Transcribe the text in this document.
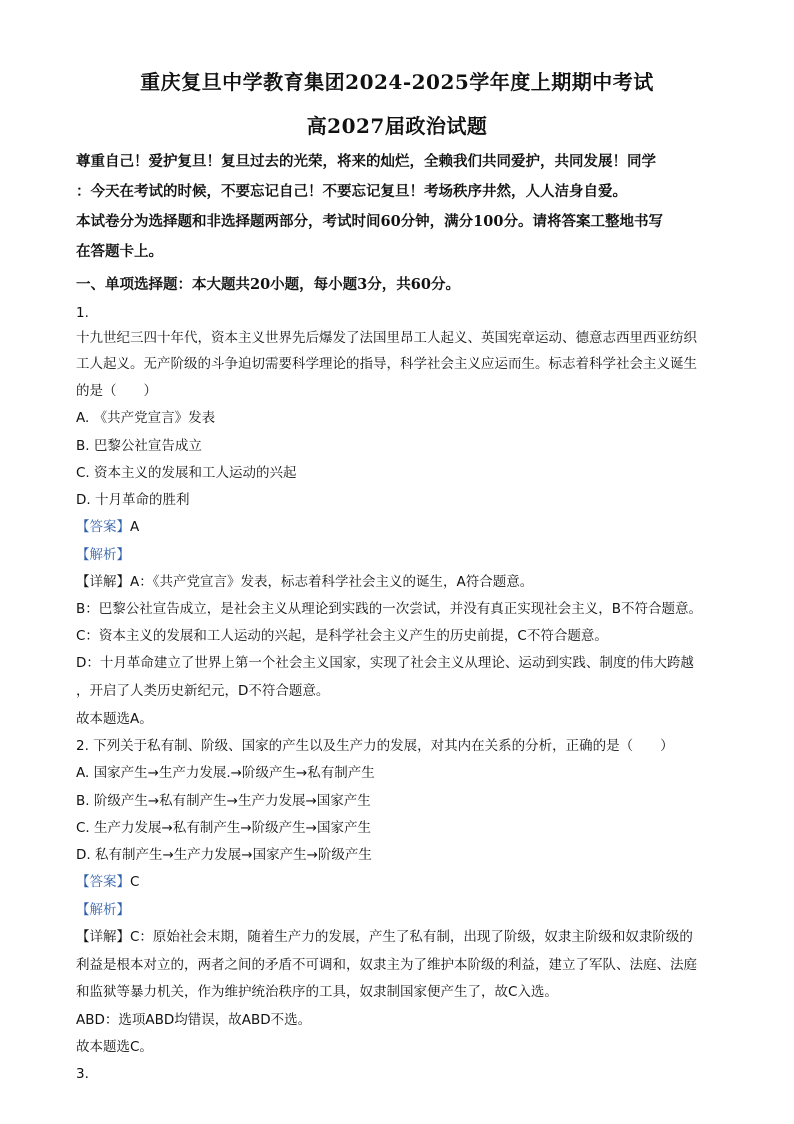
重庆复旦中学教育集团2024-2025学年度上期期中考试
高2027届政治试题
尊重自己！爱护复旦！复旦过去的光荣，将来的灿烂，全赖我们共同爱护，共同发展！同学
：今天在考试的时候，不要忘记自己！不要忘记复旦！考场秩序井然，人人洁身自爱。
本试卷分为选择题和非选择题两部分，考试时间60分钟，满分100分。请将答案工整地书写
在答题卡上。
一、单项选择题：本大题共20小题，每小题3分，共60分。
1.
十九世纪三四十年代，资本主义世界先后爆发了法国里昂工人起义、英国宪章运动、德意志西里西亚纺织
工人起义。无产阶级的斗争迫切需要科学理论的指导，科学社会主义应运而生。标志着科学社会主义诞生
的是（　　）
A. 《共产党宣言》发表
B. 巴黎公社宣告成立
C. 资本主义的发展和工人运动的兴起
D. 十月革命的胜利
【答案】A
【解析】
【详解】A：《共产党宣言》发表，标志着科学社会主义的诞生，A符合题意。
B：巴黎公社宣告成立，是社会主义从理论到实践的一次尝试，并没有真正实现社会主义，B不符合题意。
C：资本主义的发展和工人运动的兴起，是科学社会主义产生的历史前提，C不符合题意。
D：十月革命建立了世界上第一个社会主义国家，实现了社会主义从理论、运动到实践、制度的伟大跨越
，开启了人类历史新纪元，D不符合题意。
故本题选A。
2. 下列关于私有制、阶级、国家的产生以及生产力的发展，对其内在关系的分析，正确的是（　　）
A. 国家产生→生产力发展.→阶级产生→私有制产生
B. 阶级产生→私有制产生→生产力发展→国家产生
C. 生产力发展→私有制产生→阶级产生→国家产生
D. 私有制产生→生产力发展→国家产生→阶级产生
【答案】C
【解析】
【详解】C：原始社会末期，随着生产力的发展，产生了私有制，出现了阶级，奴隶主阶级和奴隶阶级的
利益是根本对立的，两者之间的矛盾不可调和，奴隶主为了维护本阶级的利益，建立了军队、法庭、法庭
和监狱等暴力机关，作为维护统治秩序的工具，奴隶制国家便产生了，故C入选。
ABD：选项ABD均错误，故ABD不选。
故本题选C。
3.
